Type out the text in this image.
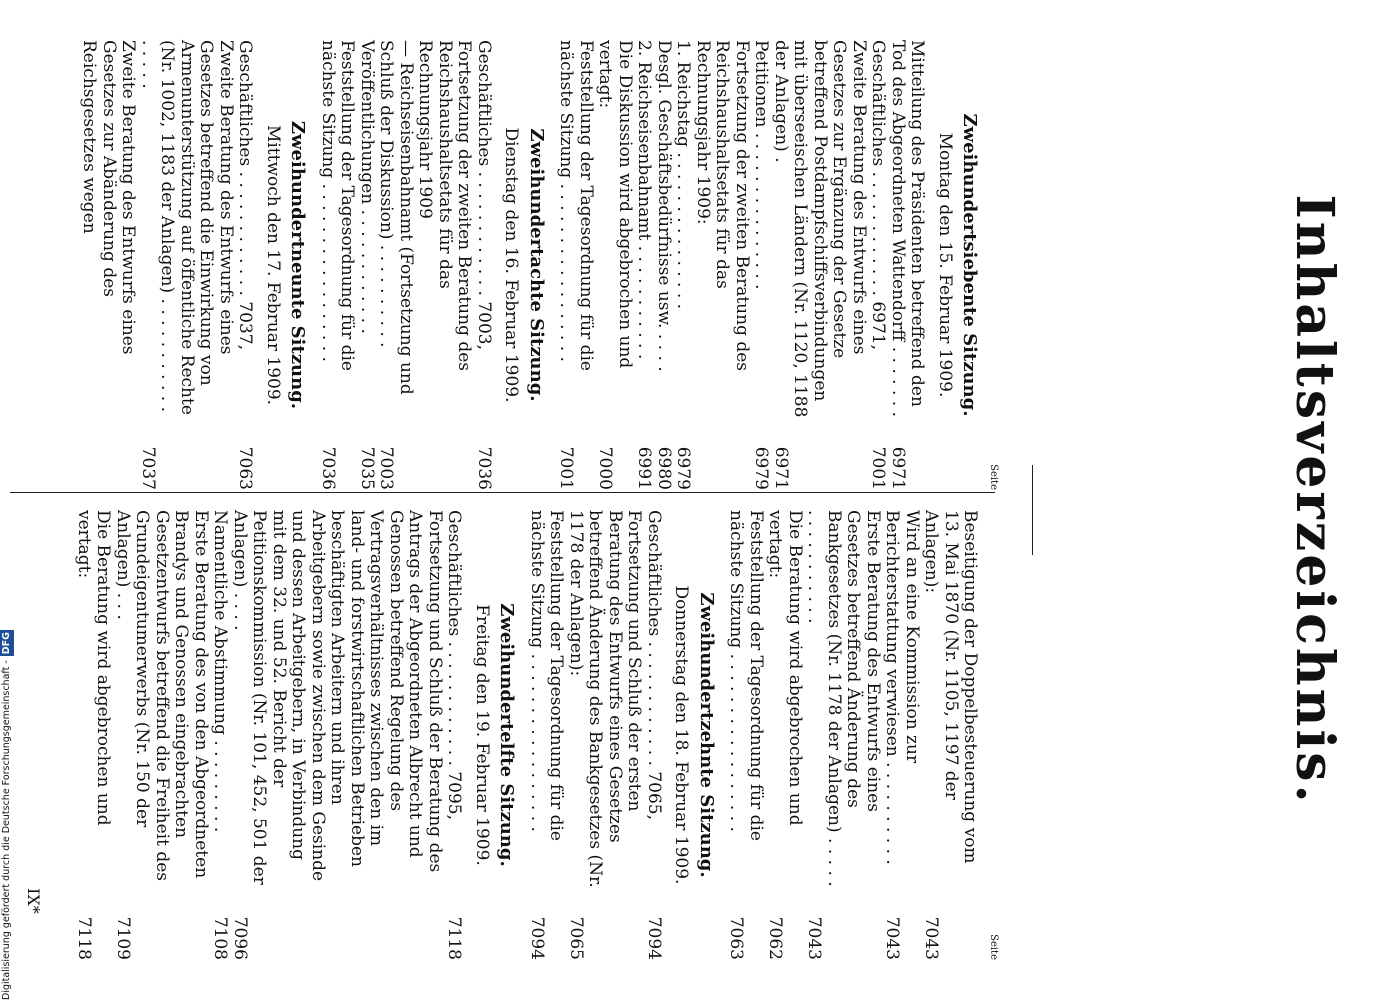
Inhaltsverzeichnis.
Seite
Zweihundertsiebente Sitzung.
Montag den 15. Februar 1909.
Mitteilung des Präsidenten betreffend den Tod des Abgeordneten Wattendorff . . . . . . .
6971
Geschäftliches . . . . . . . . . . . . 6971,
7001
Zweite Beratung des Entwurfs eines Gesetzes zur Ergänzung der Gesetze betreffend Postdampfschiffsverbindungen mit überseeischen Ländern (Nr. 1120, 1188 der Anlagen) .
6971
Petitionen . . . . . . . . . . . . . . .
6979
Fortsetzung der zweiten Beratung des Reichshaushaltsetats für das Rechnungsjahr 1909:
1. Reichstag . . . . . . . . . . . . . . .
6979
Desgl. Geschäftsbedürfnisse usw. . . . .
6980
2. Reichseisenbahnamt . . . . . . . . . . .
6991
Die Diskussion wird abgebrochen und vertagt:
7000
Feststellung der Tagesordnung für die nächste Sitzung . . . . . . . . . . . . . . . . .
7001
Zweihundertachte Sitzung.
Dienstag den 16. Februar 1909.
Geschäftliches . . . . . . . . . . . . 7003,
7036
Fortsetzung der zweiten Beratung des Reichshaushaltsetats für das Rechnungsjahr 1909
— Reichseisenbahnamt (Fortsetzung und Schluß der Diskussion) . . . . . . . . . .
7003
Veröffentlichungen . . . . . . . . . . . .
7035
Feststellung der Tagesordnung für die nächste Sitzung . . . . . . . . . . . . . . . . .
7036
Zweihundertneunte Sitzung.
Mittwoch den 17. Februar 1909.
Geschäftliches . . . . . . . . . . . . 7037,
7063
Zweite Beratung des Entwurfs eines Gesetzes betreffend die Einwirkung von Armenunterstützung auf öffentliche Rechte (Nr. 1002, 1183 der Anlagen) . . . . . . . . . . . . . . . .
7037
Zweite Beratung des Entwurfs eines Gesetzes zur Abänderung des Reichsgesetzes wegen
Seite
Beseitigung der Doppelbesteuerung vom 13. Mai 1870 (Nr. 1105, 1197 der Anlagen):
7043
Wird an eine Kommission zur Berichterstattung verwiesen . . . . . . . . . .
7043
Erste Beratung des Entwurfs eines Gesetzes betreffend Änderung des Bankgesetzes (Nr. 1178 der Anlagen) . . . . . . . . . . . . . . . .
7043
Die Beratung wird abgebrochen und vertagt:
7062
Feststellung der Tagesordnung für die nächste Sitzung . . . . . . . . . . . . . . . . .
7063
Zweihundertzehnte Sitzung.
Donnerstag den 18. Februar 1909.
Geschäftliches . . . . . . . . . . . . 7065,
7094
Fortsetzung und Schluß der ersten Beratung des Entwurfs eines Gesetzes betreffend Änderung des Bankgesetzes (Nr. 1178 der Anlagen):
7065
Feststellung der Tagesordnung für die nächste Sitzung . . . . . . . . . . . . . . . . .
7094
Zweihundertelfte Sitzung.
Freitag den 19. Februar 1909.
Geschäftliches . . . . . . . . . . . . 7095,
7118
Fortsetzung und Schluß der Beratung des Antrags der Abgeordneten Albrecht und Genossen betreffend Regelung des Vertragsverhältnisses zwischen den im land- und forstwirtschaftlichen Betrieben beschäftigten Arbeitern und ihren Arbeitgebern sowie zwischen dem Gesinde und dessen Arbeitgebern, in Verbindung mit dem 32. und 52. Bericht der Petitionskommission (Nr. 101, 452, 501 der Anlagen) . . . .
7096
Namentliche Abstimmung . . . . . . . . .
7108
Erste Beratung des von den Abgeordneten Brandys und Genossen eingebrachten Gesetzentwurfs betreffend die Freiheit des Grundeigentumerwerbs (Nr. 150 der Anlagen) . . .
7109
Die Beratung wird abgebrochen und vertagt:
7118
IX*
Digitalisierung gefördert durch die Deutsche Forschungsgemeinschaft -DFG
